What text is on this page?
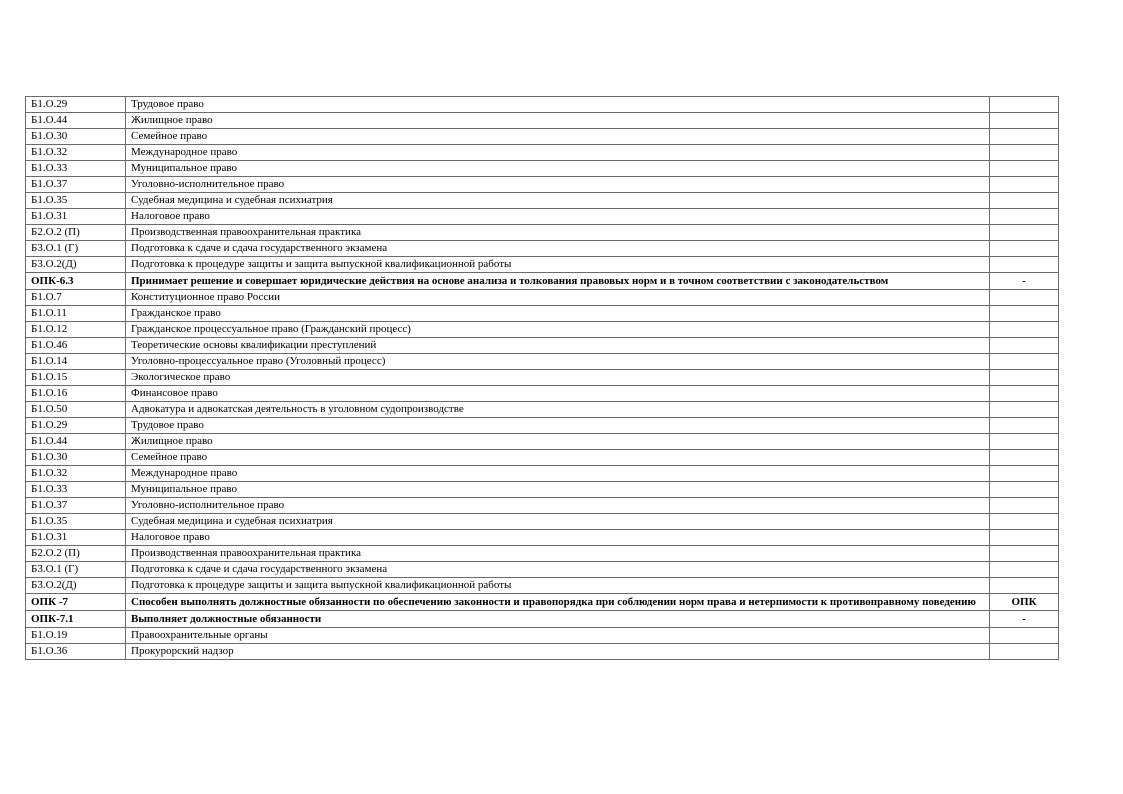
Б1.О.29	Трудовое право	
Б1.О.44	Жилищное право	
Б1.О.30	Семейное право	
Б1.О.32	Международное право	
Б1.О.33	Муниципальное право	
Б1.О.37	Уголовно-исполнительное право	
Б1.О.35	Судебная медицина и судебная психиатрия	
Б1.О.31	Налоговое право	
Б2.О.2 (П)	Производственная правоохранительная практика	
Б3.О.1 (Г)	Подготовка к сдаче и сдача государственного экзамена	
Б3.О.2(Д)	Подготовка к процедуре защиты и защита выпускной квалификационной работы	
ОПК-6.3	Принимает решение и совершает юридические действия на основе анализа и толкования правовых норм и в точном соответствии с законодательством	-
Б1.О.7	Конституционное право России	
Б1.О.11	Гражданское право	
Б1.О.12	Гражданское процессуальное право (Гражданский процесс)	
Б1.О.46	Теоретические основы квалификации преступлений	
Б1.О.14	Уголовно-процессуальное право (Уголовный процесс)	
Б1.О.15	Экологическое право	
Б1.О.16	Финансовое право	
Б1.О.50	Адвокатура и адвокатская деятельность в уголовном судопроизводстве	
Б1.О.29	Трудовое право	
Б1.О.44	Жилищное право	
Б1.О.30	Семейное право	
Б1.О.32	Международное право	
Б1.О.33	Муниципальное право	
Б1.О.37	Уголовно-исполнительное право	
Б1.О.35	Судебная медицина и судебная психиатрия	
Б1.О.31	Налоговое право	
Б2.О.2 (П)	Производственная правоохранительная практика	
Б3.О.1 (Г)	Подготовка к сдаче и сдача государственного экзамена	
Б3.О.2(Д)	Подготовка к процедуре защиты и защита выпускной квалификационной работы	
ОПК -7	Способен выполнять должностные обязанности по обеспечению законности и правопорядка при соблюдении норм права и нетерпимости к противоправному поведению	ОПК
ОПК-7.1	Выполняет должностные обязанности	-
Б1.О.19	Правоохранительные органы	
Б1.О.36	Прокурорский надзор	
